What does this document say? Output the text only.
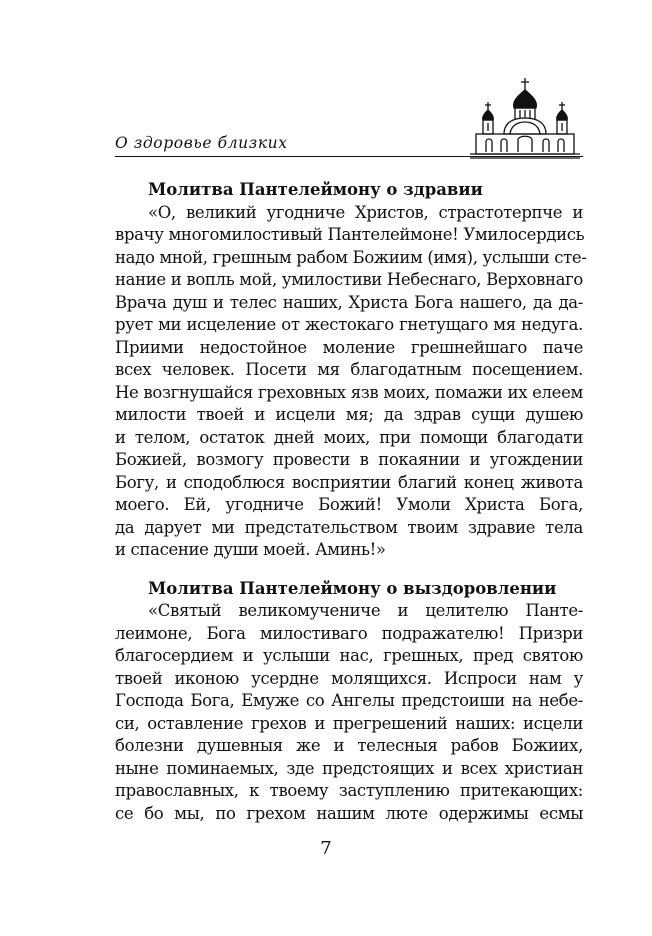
О здоровье близких
Молитва Пантелеймону о здравии
«О, великий угодниче Христов, страстотерпче и
врачу многомилостивый Пантелеймоне! Умилосердись
надо мной, грешным рабом Божиим (имя), услыши сте-
нание и вопль мой, умилостиви Небеснаго, Верховнаго
Врача душ и телес наших, Христа Бога нашего, да да-
рует ми исцеление от жестокаго гнетущаго мя недуга.
Приими недостойное моление грешнейшаго паче
всех человек. Посети мя благодатным посещением.
Не возгнушайся греховных язв моих, помажи их елеем
милости твоей и исцели мя; да здрав сущи душею
и телом, остаток дней моих, при помощи благодати
Божией, возмогу провести в покаянии и угождении
Богу, и сподоблюся восприятии благий конец живота
моего. Ей, угодниче Божий! Умоли Христа Бога,
да дарует ми предстательством твоим здравие тела
и спасение души моей. Аминь!»
Молитва Пантелеймону о выздоровлении
«Святый великомучениче и целителю Панте-
леимоне, Бога милостиваго подражателю! Призри
благосердием и услыши нас, грешных, пред святою
твоей иконою усердне молящихся. Испроси нам у
Господа Бога, Емуже со Ангелы предстоиши на небе-
си, оставление грехов и прегрешений наших: исцели
болезни душевныя же и телесныя рабов Божиих,
ныне поминаемых, зде предстоящих и всех христиан
православных, к твоему заступлению притекающих:
се бо мы, по грехом нашим люте одержимы есмы
7
